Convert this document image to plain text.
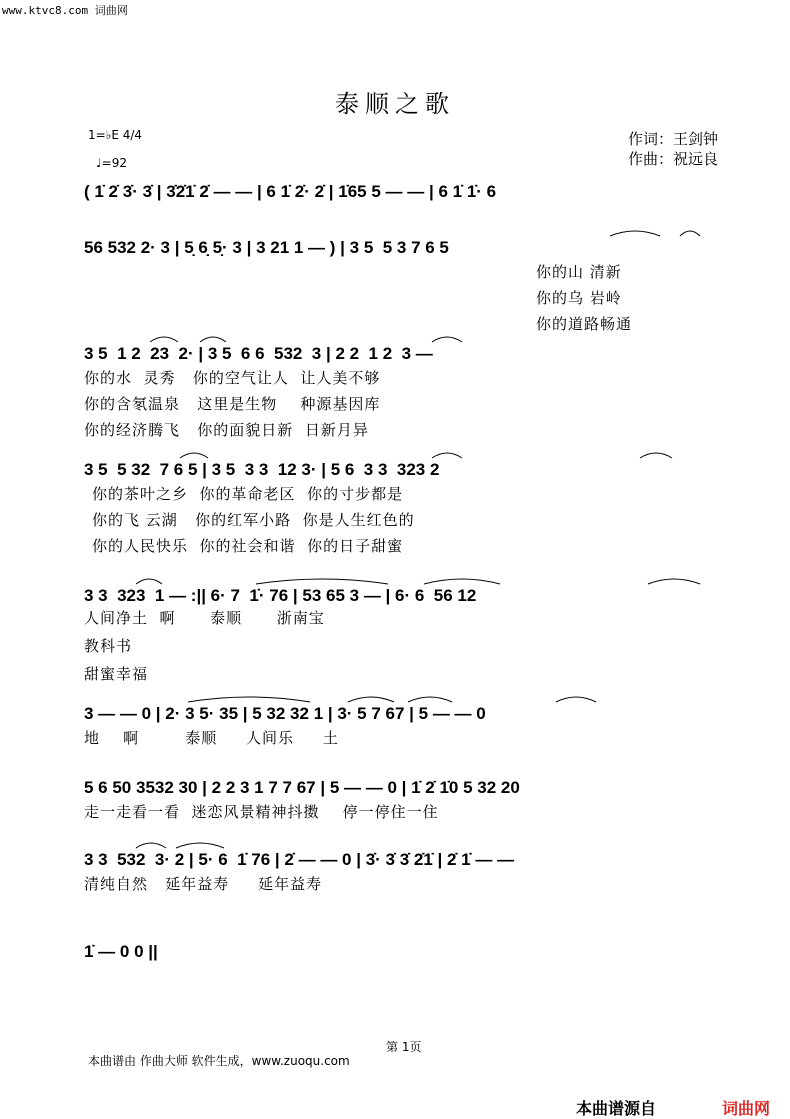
www.ktvc8.com 词曲网
泰顺之歌
1=♭E 4/4
♩=92
作词：王剑钟
作曲：祝远良
( 1̇ 2̇ 3̇· 3̇ | 3̇2̇1̇ 2̇ — — | 6 1̇ 2̇· 2̇ | 1̇65 5 — — | 6 1̇ 1̇· 6
56 532 2· 3 | 5̣ 6̣ 5̣· 3 | 3 21 1 — ) | 3 5  5 3 7 6 5
你的山 清新
你的乌 岩岭
你的道路畅通
3 5  1 2  23  2· | 3 5  6 6  532  3 | 2 2  1 2  3 —
你的水  灵秀   你的空气让人  让人美不够
你的含氡温泉   这里是生物    种源基因库
你的经济腾飞   你的面貌日新  日新月异
3 5  5 32  7 6 5 | 3 5  3 3  12 3· | 5 6  3 3  323 2
你的茶叶之乡  你的革命老区  你的寸步都是
你的飞 云湖   你的红军小路  你是人生红色的
你的人民快乐  你的社会和谐  你的日子甜蜜
3 3  323  1 — :|| 6· 7  1̇· 76 | 53 65 3 — | 6· 6  56 12
人间净土  啊      泰顺      浙南宝
教科书
甜蜜幸福
3 — — 0 | 2· 3 5· 35 | 5 32 32 1 | 3· 5 7 67 | 5 — — 0
地    啊        泰顺     人间乐     土
5 6 50 3532 30 | 2 2 3 1 7 7 67 | 5 — — 0 | 1̇ 2̇ 1̇0 5 32 20
走一走看一看  迷恋风景精神抖擞    停一停住一住
3 3  532  3· 2 | 5· 6  1̇ 76 | 2̇ — — 0 | 3̇· 3̇ 3̇ 2̇1̇ | 2̇ 1̇ — —
清纯自然   延年益寿     延年益寿
1̇ — 0 0 ||
第 1页
本曲谱由 作曲大师 软件生成，www.zuoqu.com
本曲谱源自	词曲网
